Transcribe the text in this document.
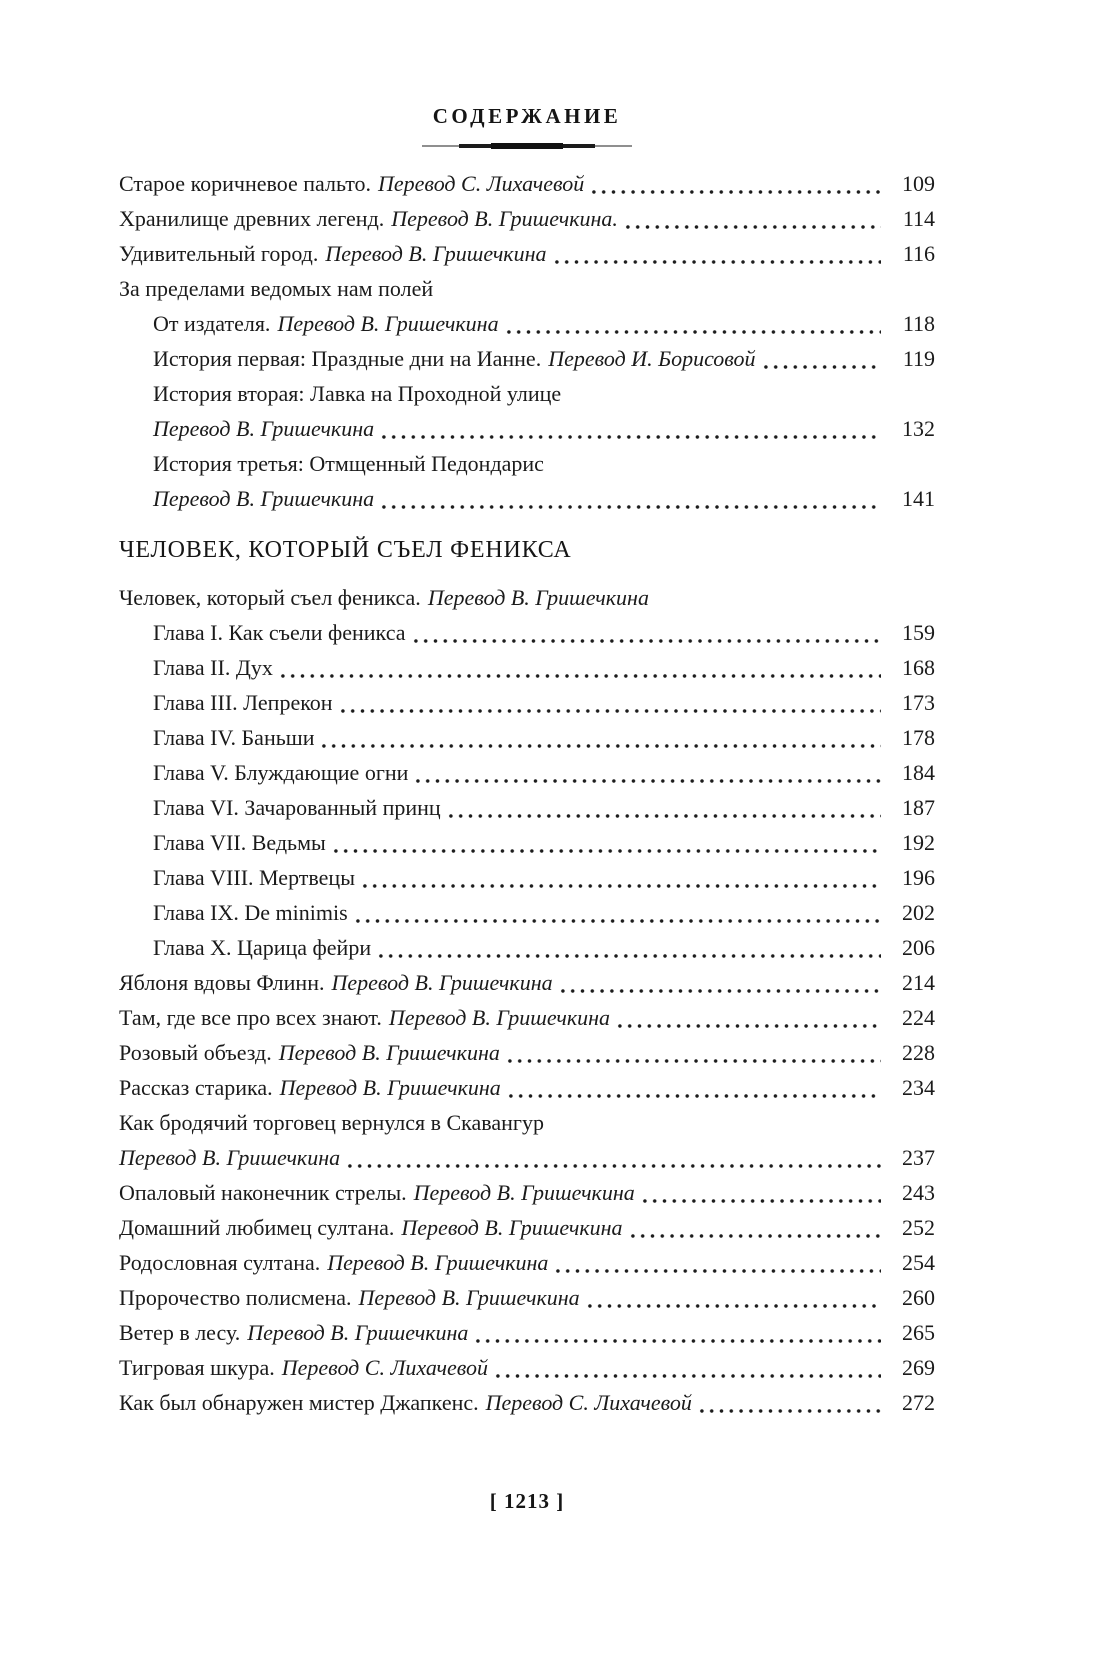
СОДЕРЖАНИЕ
Старое коричневое пальто. Перевод С. Лихачевой	109
Хранилище древних легенд. Перевод В. Гришечкина.	114
Удивительный город. Перевод В. Гришечкина	116
За пределами ведомых нам полей
От издателя. Перевод В. Гришечкина	118
История первая: Праздные дни на Ианне. Перевод И. Борисовой	119
История вторая: Лавка на Проходной улице
Перевод В. Гришечкина	132
История третья: Отмщенный Педондарис
Перевод В. Гришечкина	141
ЧЕЛОВЕК, КОТОРЫЙ СЪЕЛ ФЕНИКСА
Человек, который съел феникса. Перевод В. Гришечкина
Глава I. Как съели феникса	159
Глава II. Дух	168
Глава III. Лепрекон	173
Глава IV. Баньши	178
Глава V. Блуждающие огни	184
Глава VI. Зачарованный принц	187
Глава VII. Ведьмы	192
Глава VIII. Мертвецы	196
Глава IX. De minimis	202
Глава X. Царица фейри	206
Яблоня вдовы Флинн. Перевод В. Гришечкина	214
Там, где все про всех знают. Перевод В. Гришечкина	224
Розовый объезд. Перевод В. Гришечкина	228
Рассказ старика. Перевод В. Гришечкина	234
Как бродячий торговец вернулся в Скавангур
Перевод В. Гришечкина	237
Опаловый наконечник стрелы. Перевод В. Гришечкина	243
Домашний любимец султана. Перевод В. Гришечкина	252
Родословная султана. Перевод В. Гришечкина	254
Пророчество полисмена. Перевод В. Гришечкина	260
Ветер в лесу. Перевод В. Гришечкина	265
Тигровая шкура. Перевод С. Лихачевой	269
Как был обнаружен мистер Джапкенс. Перевод С. Лихачевой	272
[ 1213 ]
